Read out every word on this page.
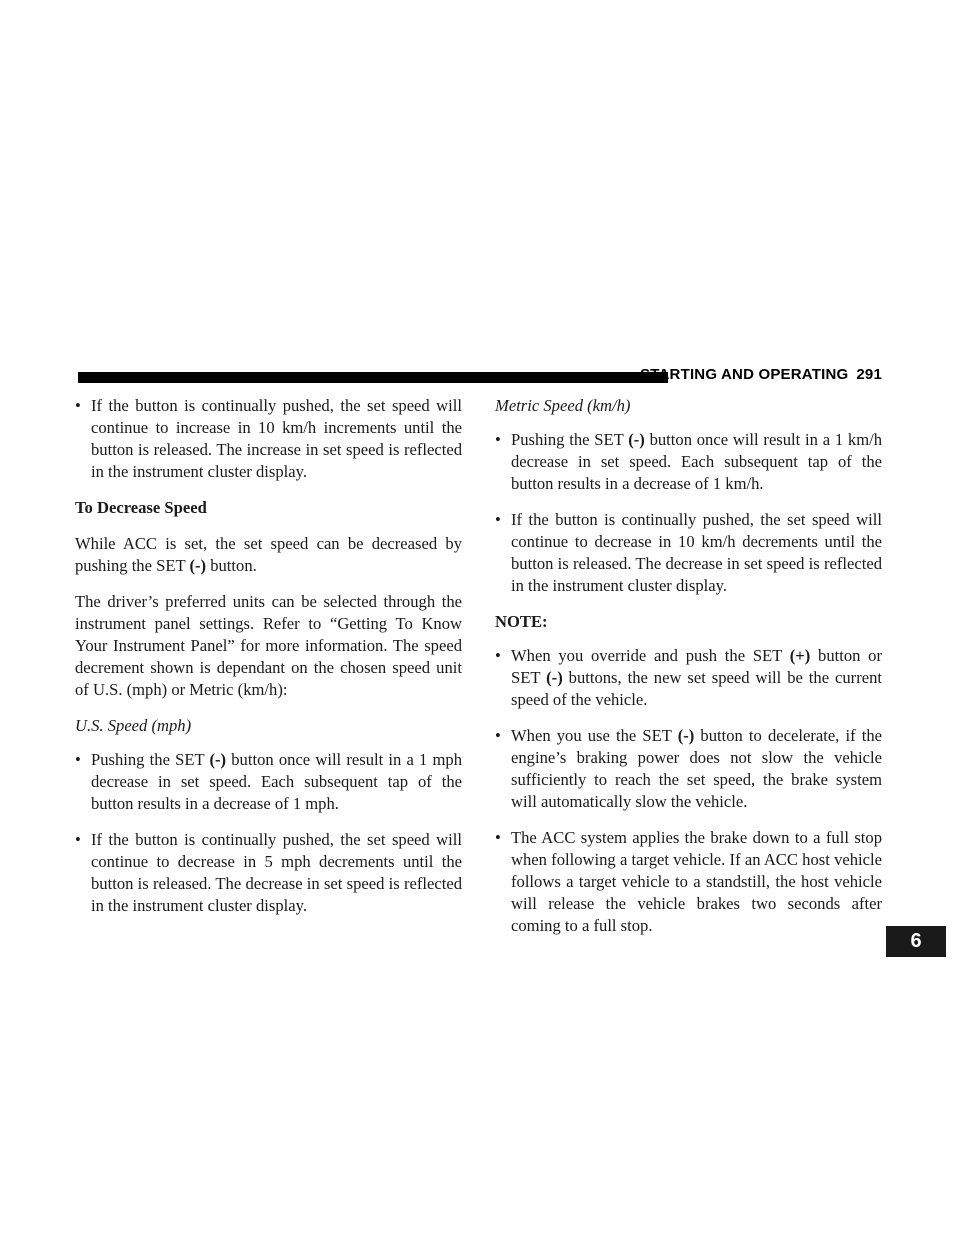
STARTING AND OPERATING 291
6
• If the button is continually pushed, the set speed will continue to increase in 10 km/h increments until the button is released. The increase in set speed is reflected in the instrument cluster display.
To Decrease Speed

While ACC is set, the set speed can be decreased by pushing the SET (-) button.

The driver’s preferred units can be selected through the instrument panel settings. Refer to “Getting To Know Your Instrument Panel” for more information. The speed decrement shown is dependant on the chosen speed unit of U.S. (mph) or Metric (km/h):

U.S. Speed (mph)
• Pushing the SET (-) button once will result in a 1 mph decrease in set speed. Each subsequent tap of the button results in a decrease of 1 mph.
• If the button is continually pushed, the set speed will continue to decrease in 5 mph decrements until the button is released. The decrease in set speed is reflected in the instrument cluster display.
Metric Speed (km/h)
• Pushing the SET (-) button once will result in a 1 km/h decrease in set speed. Each subsequent tap of the button results in a decrease of 1 km/h.
• If the button is continually pushed, the set speed will continue to decrease in 10 km/h decrements until the button is released. The decrease in set speed is reflected in the instrument cluster display.
NOTE:
• When you override and push the SET (+) button or SET (-) buttons, the new set speed will be the current speed of the vehicle.
• When you use the SET (-) button to decelerate, if the engine’s braking power does not slow the vehicle sufficiently to reach the set speed, the brake system will automatically slow the vehicle.
• The ACC system applies the brake down to a full stop when following a target vehicle. If an ACC host vehicle follows a target vehicle to a standstill, the host vehicle will release the vehicle brakes two seconds after coming to a full stop.
